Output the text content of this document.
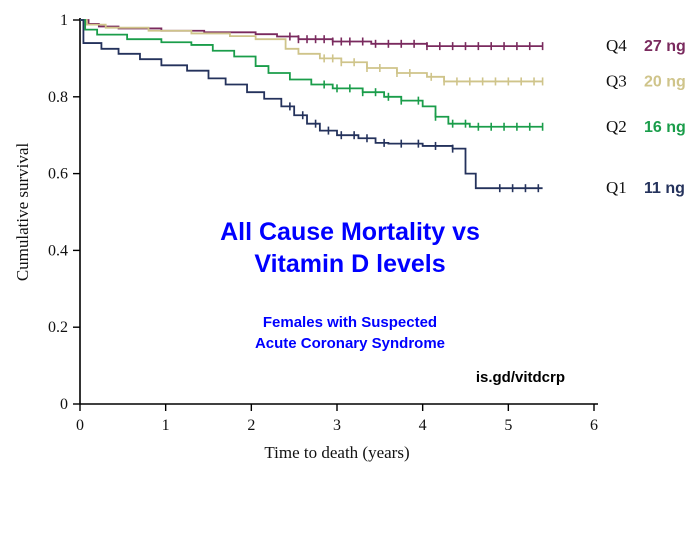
0	1	2	3	4	5	6
0
0.2
0.4
0.6
0.8
1
Time to death (years)
Cumulative survival
Q4 27 ng
Q3 20 ng
Q2 16 ng
Q1 11 ng
All Cause Mortality vs
Vitamin D levels
Females with Suspected
Acute Coronary Syndrome
is.gd/vitdcrp
